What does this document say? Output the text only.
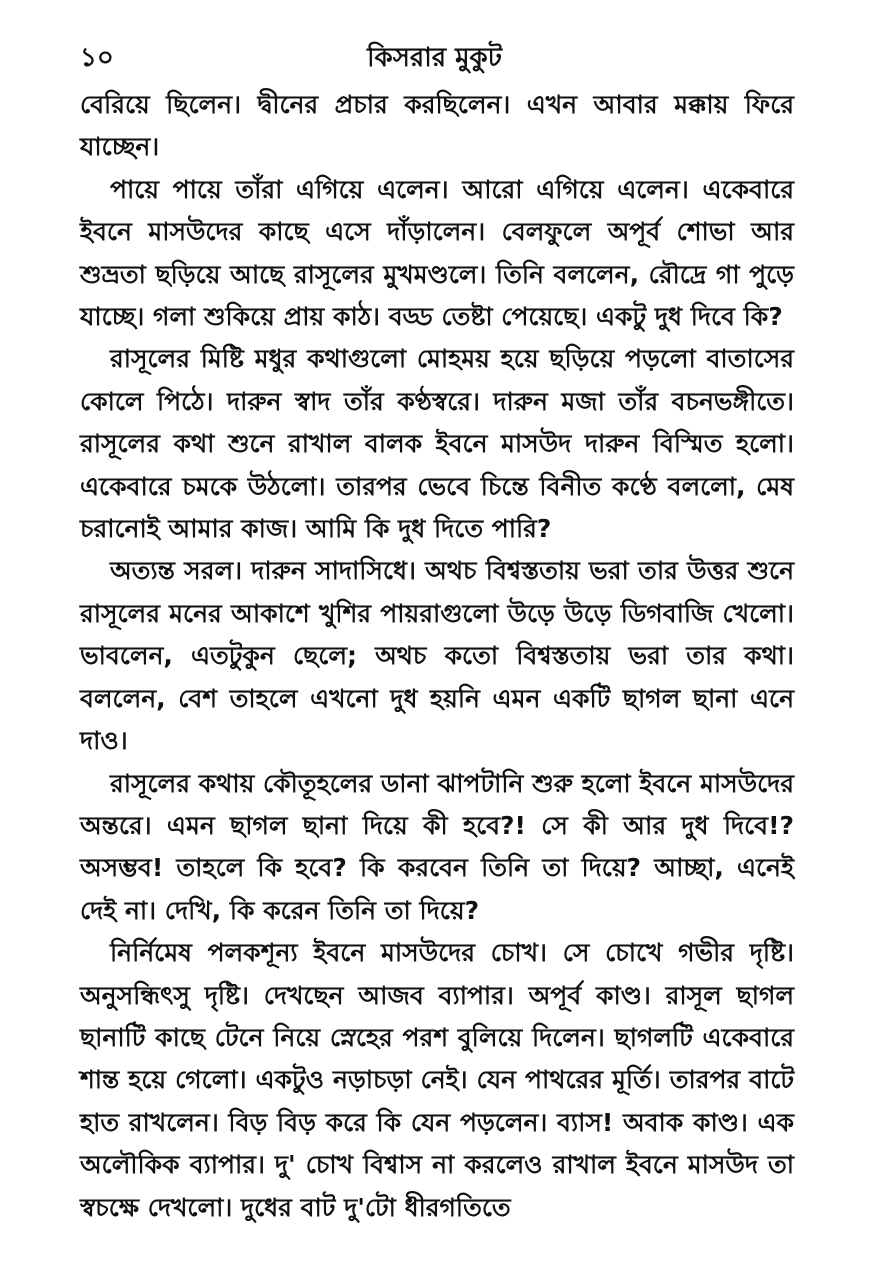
১০	কিসরার মুকুট

বেরিয়ে ছিলেন। দ্বীনের প্রচার করছিলেন। এখন আবার মক্কায় ফিরে যাচ্ছেন।

পায়ে পায়ে তাঁরা এগিয়ে এলেন। আরো এগিয়ে এলেন। একেবারে ইবনে মাসউদের কাছে এসে দাঁড়ালেন। বেলফুলে অপূর্ব শোভা আর শুভ্রতা ছড়িয়ে আছে রাসূলের মুখমণ্ডলে। তিনি বললেন, রৌদ্রে গা পুড়ে যাচ্ছে। গলা শুকিয়ে প্রায় কাঠ। বড্ড তেষ্টা পেয়েছে। একটু দুধ দিবে কি?

রাসূলের মিষ্টি মধুর কথাগুলো মোহময় হয়ে ছড়িয়ে পড়লো বাতাসের কোলে পিঠে। দারুন স্বাদ তাঁর কণ্ঠস্বরে। দারুন মজা তাঁর বচনভঙ্গীতে। রাসূলের কথা শুনে রাখাল বালক ইবনে মাসউদ দারুন বিস্মিত হলো। একেবারে চমকে উঠলো। তারপর ভেবে চিন্তে বিনীত কণ্ঠে বললো, মেষ চরানোই আমার কাজ। আমি কি দুধ দিতে পারি?

অত্যন্ত সরল। দারুন সাদাসিধে। অথচ বিশ্বস্ততায় ভরা তার উত্তর শুনে রাসূলের মনের আকাশে খুশির পায়রাগুলো উড়ে উড়ে ডিগবাজি খেলো। ভাবলেন, এতটুকুন ছেলে; অথচ কতো বিশ্বস্ততায় ভরা তার কথা। বললেন, বেশ তাহলে এখনো দুধ হয়নি এমন একটি ছাগল ছানা এনে দাও।

রাসূলের কথায় কৌতূহলের ডানা ঝাপটানি শুরু হলো ইবনে মাসউদের অন্তরে। এমন ছাগল ছানা দিয়ে কী হবে?! সে কী আর দুধ দিবে!? অসম্ভব! তাহলে কি হবে? কি করবেন তিনি তা দিয়ে? আচ্ছা, এনেই দেই না। দেখি, কি করেন তিনি তা দিয়ে?

নির্নিমেষ পলকশূন্য ইবনে মাসউদের চোখ। সে চোখে গভীর দৃষ্টি। অনুসন্ধিৎসু দৃষ্টি। দেখছেন আজব ব্যাপার। অপূর্ব কাণ্ড। রাসূল ছাগল ছানাটি কাছে টেনে নিয়ে স্নেহের পরশ বুলিয়ে দিলেন। ছাগলটি একেবারে শান্ত হয়ে গেলো। একটুও নড়াচড়া নেই। যেন পাথরের মূর্তি। তারপর বাটে হাত রাখলেন। বিড় বিড় করে কি যেন পড়লেন। ব্যাস! অবাক কাণ্ড। এক অলৌকিক ব্যাপার। দু' চোখ বিশ্বাস না করলেও রাখাল ইবনে মাসউদ তা স্বচক্ষে দেখলো। দুধের বাট দু'টো ধীরগতিতে
